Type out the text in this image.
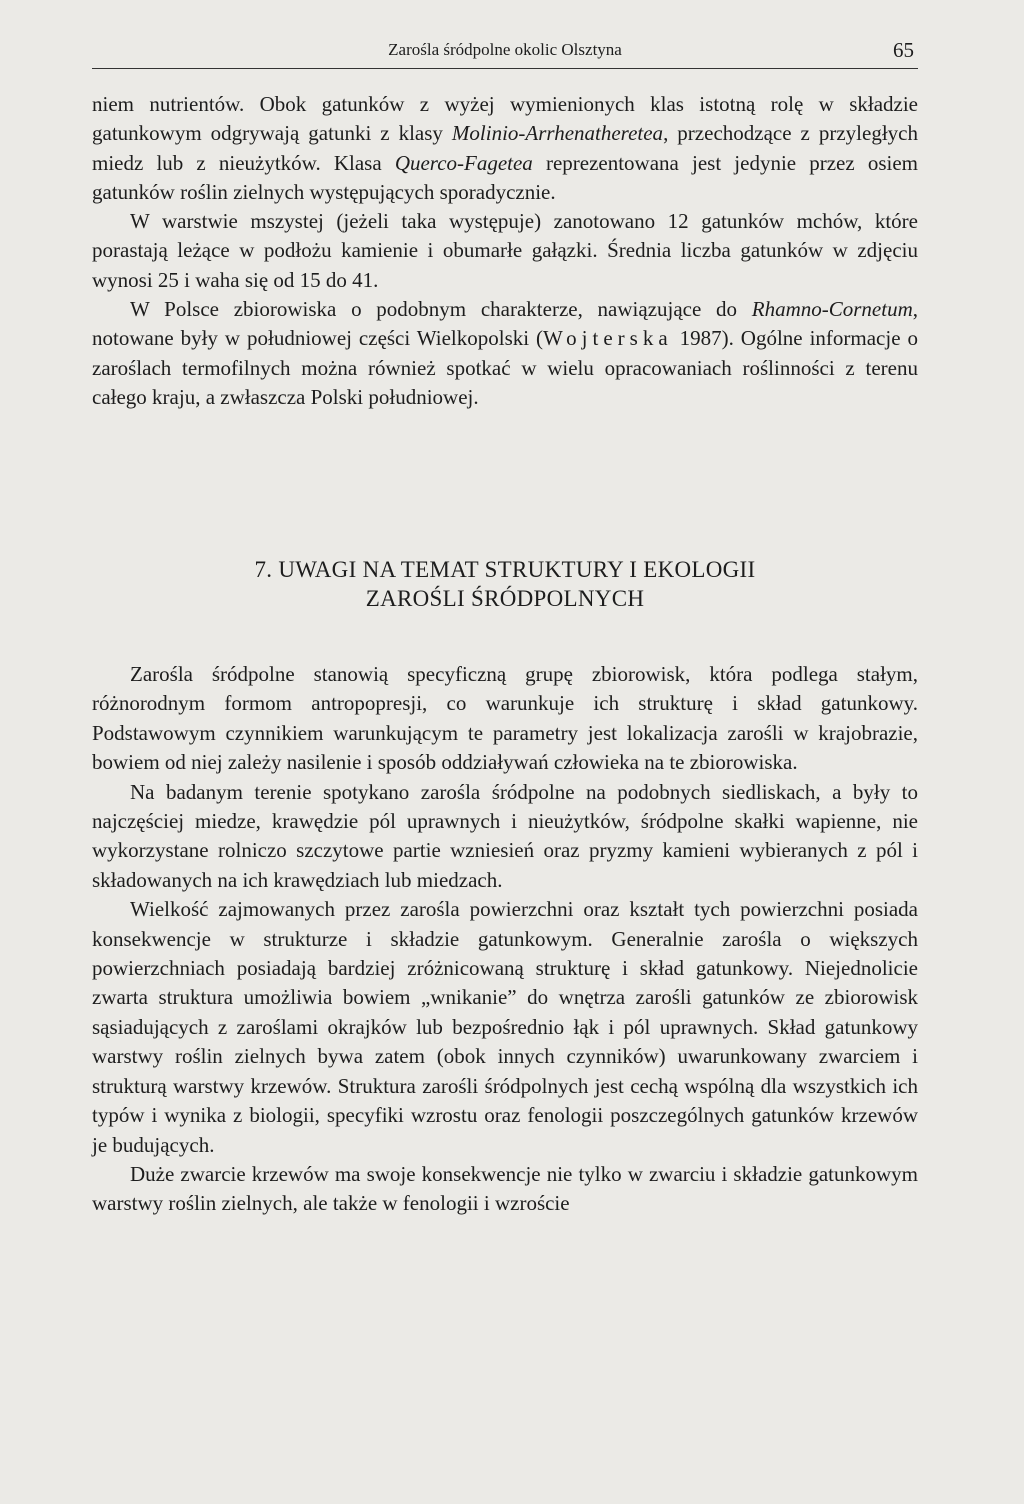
Zarośla śródpolne okolic Olsztyna	65

niem nutrientów. Obok gatunków z wyżej wymienionych klas istotną rolę w składzie gatunkowym odgrywają gatunki z klasy Molinio-Arrhenatheretea, przechodzące z przyległych miedz lub z nieużytków. Klasa Querco-Fagetea reprezentowana jest jedynie przez osiem gatunków roślin zielnych występujących sporadycznie.

W warstwie mszystej (jeżeli taka występuje) zanotowano 12 gatunków mchów, które porastają leżące w podłożu kamienie i obumarłe gałązki. Średnia liczba gatunków w zdjęciu wynosi 25 i waha się od 15 do 41.

W Polsce zbiorowiska o podobnym charakterze, nawiązujące do Rhamno-Cornetum, notowane były w południowej części Wielkopolski (Wojterska 1987). Ogólne informacje o zaroślach termofilnych można również spotkać w wielu opracowaniach roślinności z terenu całego kraju, a zwłaszcza Polski południowej.

7. UWAGI NA TEMAT STRUKTURY I EKOLOGII
ZAROŚLI ŚRÓDPOLNYCH

Zarośla śródpolne stanowią specyficzną grupę zbiorowisk, która podlega stałym, różnorodnym formom antropopresji, co warunkuje ich strukturę i skład gatunkowy. Podstawowym czynnikiem warunkującym te parametry jest lokalizacja zarośli w krajobrazie, bowiem od niej zależy nasilenie i sposób oddziaływań człowieka na te zbiorowiska.

Na badanym terenie spotykano zarośla śródpolne na podobnych siedliskach, a były to najczęściej miedze, krawędzie pól uprawnych i nieużytków, śródpolne skałki wapienne, nie wykorzystane rolniczo szczytowe partie wzniesień oraz pryzmy kamieni wybieranych z pól i składowanych na ich krawędziach lub miedzach.

Wielkość zajmowanych przez zarośla powierzchni oraz kształt tych powierzchni posiada konsekwencje w strukturze i składzie gatunkowym. Generalnie zarośla o większych powierzchniach posiadają bardziej zróżnicowaną strukturę i skład gatunkowy. Niejednolicie zwarta struktura umożliwia bowiem „wnikanie” do wnętrza zarośli gatunków ze zbiorowisk sąsiadujących z zaroślami okrajków lub bezpośrednio łąk i pól uprawnych. Skład gatunkowy warstwy roślin zielnych bywa zatem (obok innych czynników) uwarunkowany zwarciem i strukturą warstwy krzewów. Struktura zarośli śródpolnych jest cechą wspólną dla wszystkich ich typów i wynika z biologii, specyfiki wzrostu oraz fenologii poszczególnych gatunków krzewów je budujących.

Duże zwarcie krzewów ma swoje konsekwencje nie tylko w zwarciu i składzie gatunkowym warstwy roślin zielnych, ale także w fenologii i wzroście
